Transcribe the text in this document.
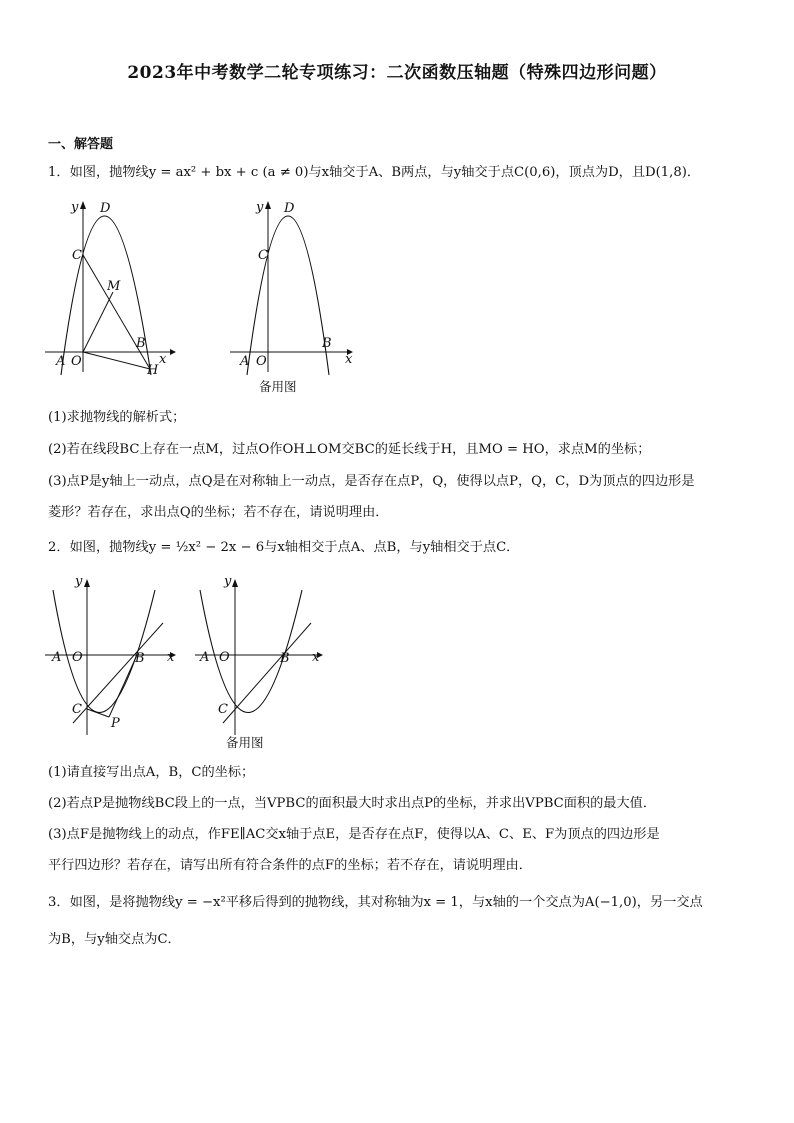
2023年中考数学二轮专项练习：二次函数压轴题（特殊四边形问题）
一、解答题
1．如图，抛物线y = ax² + bx + c (a ≠ 0)与x轴交于A、B两点，与y轴交于点C(0,6)，顶点为D，且D(1,8)．
y D
C
M
B
x
A O
H
y D
C
B
x
A O
备用图
(1)求抛物线的解析式；
(2)若在线段BC上存在一点M，过点O作OH⊥OM交BC的延长线于H，且MO = HO，求点M的坐标；
(3)点P是y轴上一动点，点Q是在对称轴上一动点，是否存在点P，Q，使得以点P，Q，C，D为顶点的四边形是
菱形？若存在，求出点Q的坐标；若不存在，请说明理由．
2．如图，抛物线y = ½x² − 2x − 6与x轴相交于点A、点B，与y轴相交于点C．
y
A O	B x
C
P
y
A O	B x
C
备用图
(1)请直接写出点A，B，C的坐标；
(2)若点P是抛物线BC段上的一点，当VPBC的面积最大时求出点P的坐标，并求出VPBC面积的最大值．
(3)点F是抛物线上的动点，作FE∥AC交x轴于点E，是否存在点F，使得以A、C、E、F为顶点的四边形是
平行四边形？若存在，请写出所有符合条件的点F的坐标；若不存在，请说明理由．
3．如图，是将抛物线y = −x²平移后得到的抛物线，其对称轴为x = 1，与x轴的一个交点为A(−1,0)，另一交点
为B，与y轴交点为C．
